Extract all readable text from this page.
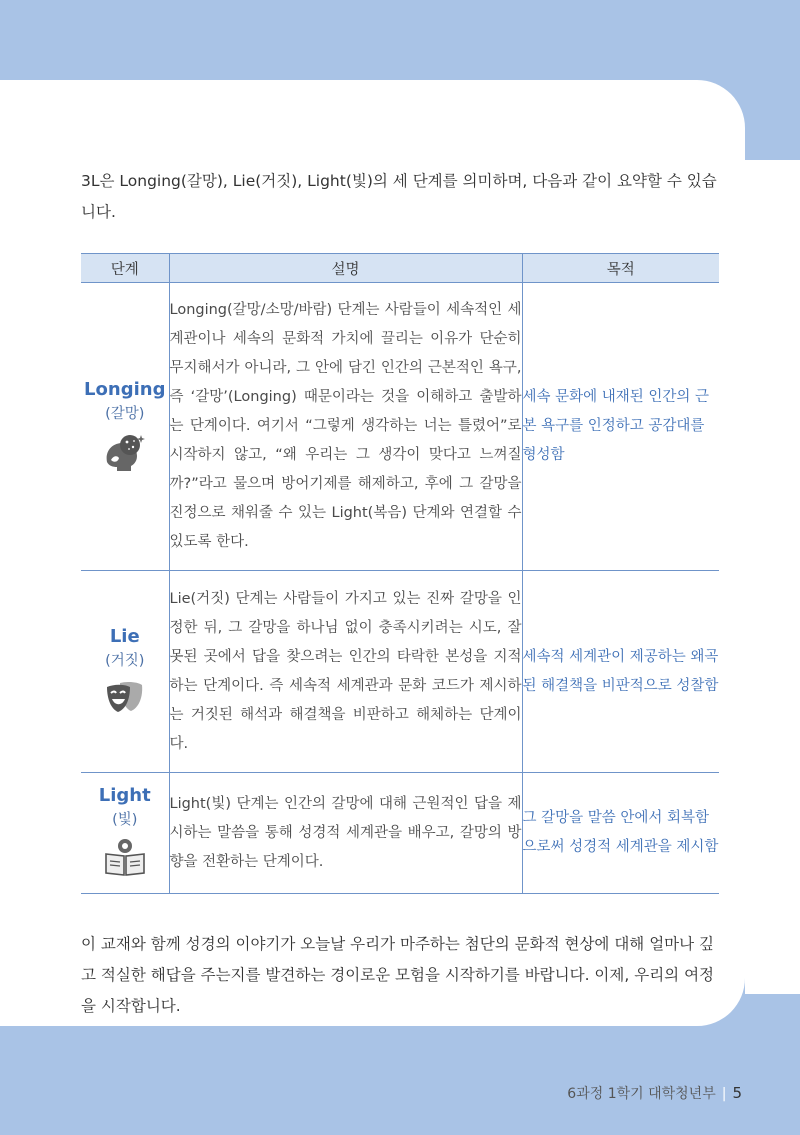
3L은 Longing(갈망), Lie(거짓), Light(빛)의 세 단계를 의미하며, 다음과 같이 요약할 수 있습니다.

단계	설명	목적

Longing
(갈망)	Longing(갈망/소망/바람) 단계는 사람들이 세속적인 세계관이나 세속의 문화적 가치에 끌리는 이유가 단순히 무지해서가 아니라, 그 안에 담긴 인간의 근본적인 욕구, 즉 ‘갈망’(Longing) 때문이라는 것을 이해하고 출발하는 단계이다. 여기서 “그렇게 생각하는 너는 틀렸어”로 시작하지 않고, “왜 우리는 그 생각이 맞다고 느껴질까?”라고 물으며 방어기제를 해제하고, 후에 그 갈망을 진정으로 채워줄 수 있는 Light(복음) 단계와 연결할 수 있도록 한다.	세속 문화에 내재된 인간의 근본 욕구를 인정하고 공감대를 형성함

Lie
(거짓)	Lie(거짓) 단계는 사람들이 가지고 있는 진짜 갈망을 인정한 뒤, 그 갈망을 하나님 없이 충족시키려는 시도, 잘못된 곳에서 답을 찾으려는 인간의 타락한 본성을 지적하는 단계이다. 즉 세속적 세계관과 문화 코드가 제시하는 거짓된 해석과 해결책을 비판하고 해체하는 단계이다.	세속적 세계관이 제공하는 왜곡된 해결책을 비판적으로 성찰함

Light
(빛)	Light(빛) 단계는 인간의 갈망에 대해 근원적인 답을 제시하는 말씀을 통해 성경적 세계관을 배우고, 갈망의 방향을 전환하는 단계이다.	그 갈망을 말씀 안에서 회복함으로써 성경적 세계관을 제시함

이 교재와 함께 성경의 이야기가 오늘날 우리가 마주하는 첨단의 문화적 현상에 대해 얼마나 깊고 적실한 해답을 주는지를 발견하는 경이로운 모험을 시작하기를 바랍니다. 이제, 우리의 여정을 시작합니다.

6과정 1학기 대학청년부 | 5
